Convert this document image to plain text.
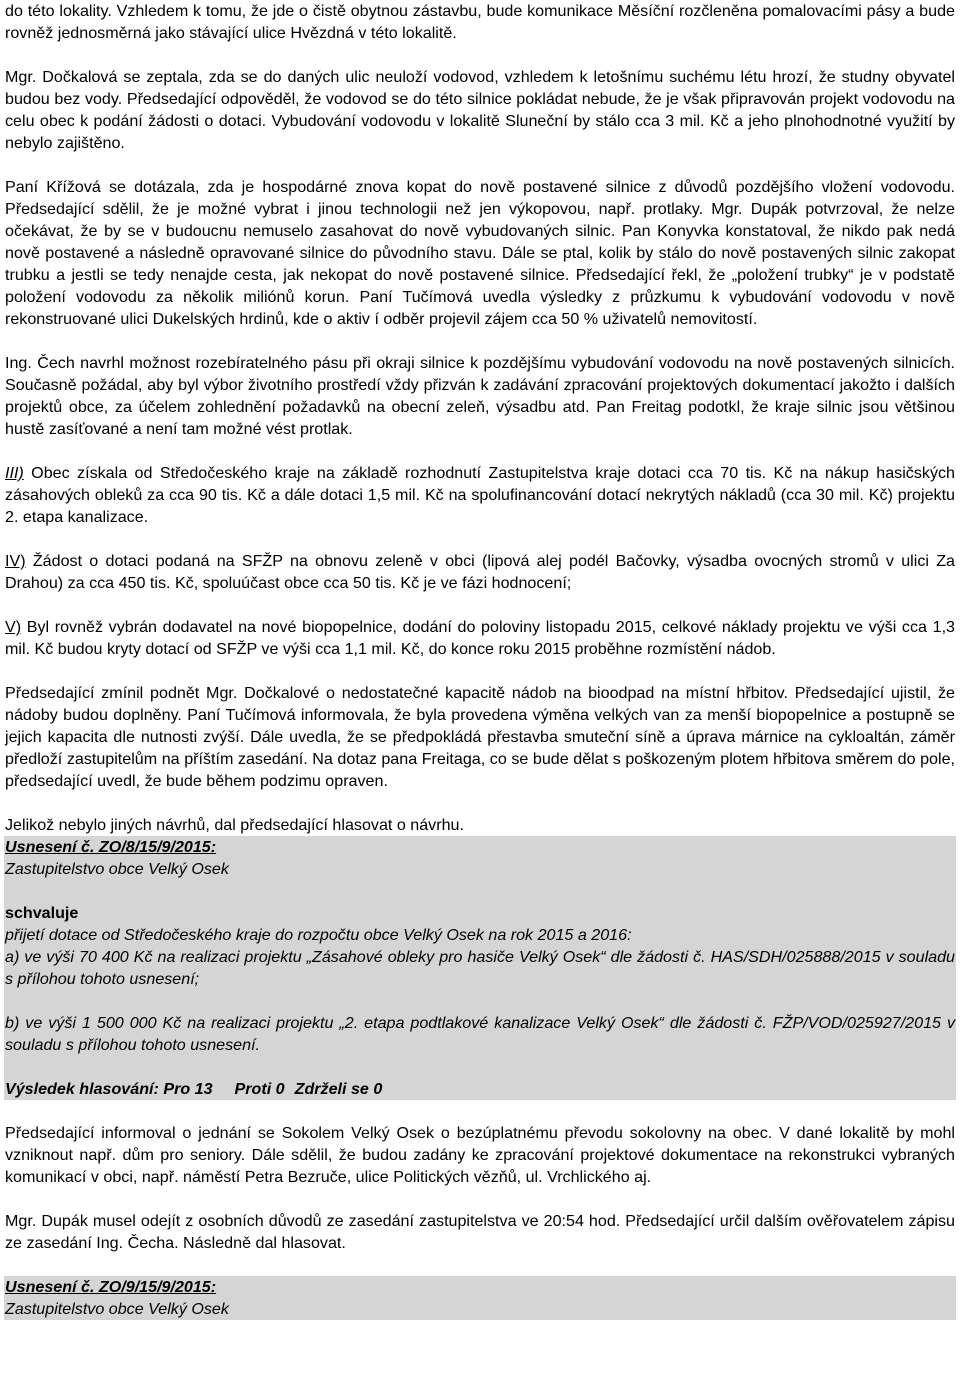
do této lokality. Vzhledem k tomu, že jde o čistě obytnou zástavbu, bude komunikace Měsíční rozčleněna pomalovacími pásy a bude rovněž jednosměrná jako stávající ulice Hvězdná v této lokalitě.

Mgr. Dočkalová se zeptala, zda se do daných ulic neuloží vodovod, vzhledem k letošnímu suchému létu hrozí, že studny obyvatel budou bez vody. Předsedající odpověděl, že vodovod se do této silnice pokládat nebude, že je však připravován projekt vodovodu na celu obec k podání žádosti o dotaci. Vybudování vodovodu v lokalitě Sluneční by stálo cca 3 mil. Kč a jeho plnohodnotné využití by nebylo zajištěno.

Paní Křížová se dotázala, zda je hospodárné znova kopat do nově postavené silnice z důvodů pozdějšího vložení vodovodu. Předsedající sdělil, že je možné vybrat i jinou technologii než jen výkopovou, např. protlaky. Mgr. Dupák potvrzoval, že nelze očekávat, že by se v budoucnu nemuselo zasahovat do nově vybudovaných silnic. Pan Konyvka konstatoval, že nikdo pak nedá nově postavené a následně opravované silnice do původního stavu. Dále se ptal, kolik by stálo do nově postavených silnic zakopat trubku a jestli se tedy nenajde cesta, jak nekopat do nově postavené silnice. Předsedající řekl, že „položení trubky“ je v podstatě položení vodovodu za několik miliónů korun. Paní Tučímová uvedla výsledky z průzkumu k vybudování vodovodu v nově rekonstruované ulici Dukelských hrdinů, kde o aktiv í odběr projevil zájem cca 50 % uživatelů nemovitostí.

Ing. Čech navrhl možnost rozebíratelného pásu při okraji silnice k pozdějšímu vybudování vodovodu na nově postavených silnicích. Současně požádal, aby byl výbor životního prostředí vždy přizván k zadávání zpracování projektových dokumentací jakožto i dalších projektů obce, za účelem zohlednění požadavků na obecní zeleň, výsadbu atd. Pan Freitag podotkl, že kraje silnic jsou většinou hustě zasíťované a není tam možné vést protlak.

III) Obec získala od Středočeského kraje na základě rozhodnutí Zastupitelstva kraje dotaci cca 70 tis. Kč na nákup hasičských zásahových obleků za cca 90 tis. Kč a dále dotaci 1,5 mil. Kč na spolufinancování dotací nekrytých nákladů (cca 30 mil. Kč) projektu 2. etapa kanalizace.

IV) Žádost o dotaci podaná na SFŽP na obnovu zeleně v obci (lipová alej podél Bačovky, výsadba ovocných stromů v ulici Za Drahou) za cca 450 tis. Kč, spoluúčast obce cca 50 tis. Kč je ve fázi hodnocení;

V) Byl rovněž vybrán dodavatel na nové biopopelnice, dodání do poloviny listopadu 2015, celkové náklady projektu ve výši cca 1,3 mil. Kč budou kryty dotací od SFŽP ve výši cca 1,1 mil. Kč, do konce roku 2015 proběhne rozmístění nádob.

Předsedající zmínil podnět Mgr. Dočkalové o nedostatečné kapacitě nádob na bioodpad na místní hřbitov. Předsedající ujistil, že nádoby budou doplněny. Paní Tučímová informovala, že byla provedena výměna velkých van za menší biopopelnice a postupně se jejich kapacita dle nutnosti zvýší. Dále uvedla, že se předpokládá přestavba smuteční síně a úprava márnice na cykloaltán, záměr předloží zastupitelům na příštím zasedání. Na dotaz pana Freitaga, co se bude dělat s poškozeným plotem hřbitova směrem do pole, předsedající uvedl, že bude během podzimu opraven.

Jelikož nebylo jiných návrhů, dal předsedající hlasovat o návrhu.

Usnesení č. ZO/8/15/9/2015:

Zastupitelstvo obce Velký Osek

schvaluje

přijetí dotace od Středočeského kraje do rozpočtu obce Velký Osek na rok 2015 a 2016:

a) ve výši 70 400 Kč na realizaci projektu „Zásahové obleky pro hasiče Velký Osek“ dle žádosti č. HAS/SDH/025888/2015 v souladu s přílohou tohoto usnesení;

b) ve výši 1 500 000 Kč na realizaci projektu „2. etapa podtlakové kanalizace Velký Osek“ dle žádosti č. FŽP/VOD/025927/2015 v souladu s přílohou tohoto usnesení.

Výsledek hlasování: Pro 13 Proti 0 Zdrželi se 0

Předsedající informoval o jednání se Sokolem Velký Osek o bezúplatnému převodu sokolovny na obec. V dané lokalitě by mohl vzniknout např. dům pro seniory. Dále sdělil, že budou zadány ke zpracování projektové dokumentace na rekonstrukci vybraných komunikací v obci, např. náměstí Petra Bezruče, ulice Politických vězňů, ul. Vrchlického aj.

Mgr. Dupák musel odejít z osobních důvodů ze zasedání zastupitelstva ve 20:54 hod. Předsedající určil dalším ověřovatelem zápisu ze zasedání Ing. Čecha. Následně dal hlasovat.

Usnesení č. ZO/9/15/9/2015:

Zastupitelstvo obce Velký Osek
